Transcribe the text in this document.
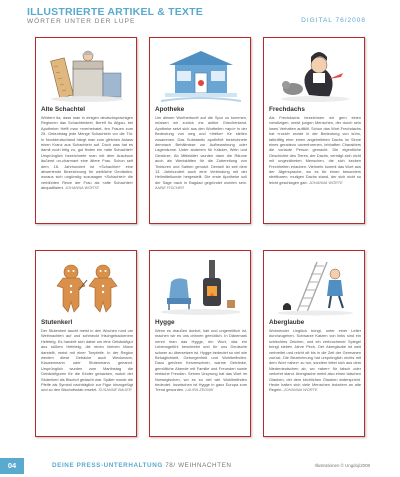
ILLUSTRIERTE ARTIKEL & TEXTE
WÖRTER UNTER DER LUPE	DIGITAL 76/2008
Alte Schachtel
Wörtern tia, dass man in einigen deutschsprachigen Regionen das Schachteldeel, Bereif fiu Allgau, bei Apotheker Hefft man «rverheiratet- fen Frauen zum 25. Geburtstag jede Menge Schachteln vor die Tür. In Norddeutschland hängt man zum gleichen Anlass einen Kranz aus Schachteln auf. Doch was hat es damit noch felig zu, gut finden ein «alte Schachtel» Ursprünglich bezeichnete man mit dem Ausdruck äußerst un-charmant eine ältere Frau. Schon seit dem 16. Jahrhundert ist «Schachtel» eine abwertende Bezeichnung für weibliche Genitalien, woraus sich ungünstig sozusagen «Schachtel» die verblühten Reize der Frau als «alte Schachtel» abqualifiziert. JOHANNA WÖRTE
Apotheke
Um diesen Wortherkunft auf die Spur zu kommen, müssen wir zurück ins antike Griechenland. Apotheke setzt sich aus den Wortteilen «apó» in der Bedeutung von weg und «thēke» für stellen zusammen. Das Substantiv apothēkē bezeichnete demnach Behältnisse zur Aufbewahrung oder Lagerräume. Unter anderem für Kräuter, Wein und Gewürze. Ab Mittelalter wurden dann die Räume auch als Werkstätten für die Zubereitung von Tinkturen und Salben genutzt. Derweil ist seit dem 13. Jahrhundert auch eine Verbindung mit der Heilmittelkunde hergestellt. Die erste Apotheke soll der Sage nach in Bagdad gegründet worden sein. ANNE FISCHER
Frechdachs
Als Frechdachs bezeichnen wir gern einen vorwitzigen, meist jungen Menschen, der durch sein loses Verhalten auffällt. Schon das Wort Frechdachs hat «rockt» wurde in der Bedeutung von kühn, tatkräftig eher einen angeheiteten Dachs im Sinne eines geradezu unverfrorenen, lebhaften Charakters die vorlaute Person gemacht. Die eigentliche Geschichte des Tieres, der Dachs, verträgt sich nicht mit ungezähmten Menschen, die sich kecken Frechheiten erlauben. Vielmehr kommt das Wort aus der Jägersprache, wo es für einen besonders streitbaren, mutigen Dachs stand, der sich nicht so leicht geschlagen gab. JOHANNA WÖRTE
Stutenkerl
Der Stutenkerl taucht meist in den Wochen rund um Weihnachten auf und schmeckt frischgebackenem Hefeteig. Es handelt sich dabei um eine Gebäckfigur aus süßem Hefeteig, die einen kleinen Mann darstellt, meist mit einer Tonpfeife. In der Region werden diese Gebäcke auch Weckmann, Klausenmann oder Stutenmann genannt. Ursprünglich wurden zum Martinstag die Gebäckfiguren für die Kinder gebacken, wobei der Stutenkerl als Bischof gedacht war. Später wurde die Pfeife als Symbol nachträglich zur Figur hinzugefügt und so den Bischofsstab ersetzt. SUSANNE BAUER
Hygge
Wenn es draußen dunkel, kalt und ungemütlich ist, machen wir es uns drinnen gemütlich. In Dänemark nennt man das Hygge, ein Wort, das ein Lebensgefühl beschreibt und für uns Deutsche schwer zu übersetzen ist. Hygge bedeutet so viel wie Behaglichkeit, Geborgenheit und Wohlbefinden. Dazu gehören Kerzenschein, warme Getränke, gemütliche Abende mit Familie und Freunden sowie einfache Freuden. Seinen Ursprung hat das Wort im Norwegischen, wo es so viel wie Wohlbefinden bedeutet. Inzwischen ist Hygge in ganz Europa zum Trend geworden. LAURA ZEDNIK
Aberglaube
Wohnender Unglück bringt, unter einer Leiter durchzugehen. Schwarze Katzen von links sind ein schlechtes Zeichen, und ein zerbrochener Spiegel bringt sieben Jahre Pech. Der Aberglaube ist weit verbreitet und reicht oft bis in die Zeit der Germanen zurück. Die Bezeichnung hat ursprünglich nichts mit dem Wort «aber» zu tun, sondern leitet sich aus dem Niederdeutschen ab, wo «aber» für falsch oder verkehrt stand. Aberglaube meint also einen falschen Glauben, der dem kirchlichen Glauben widerspricht. Heute halten sich viele Menschen trotzdem an alte Regeln. JOHANNA WÖRTE
04	DEINE PRESS-UNTERHALTUNG 78/ WEIHNACHTEN	Illustrationen © Ungdoj/2008
